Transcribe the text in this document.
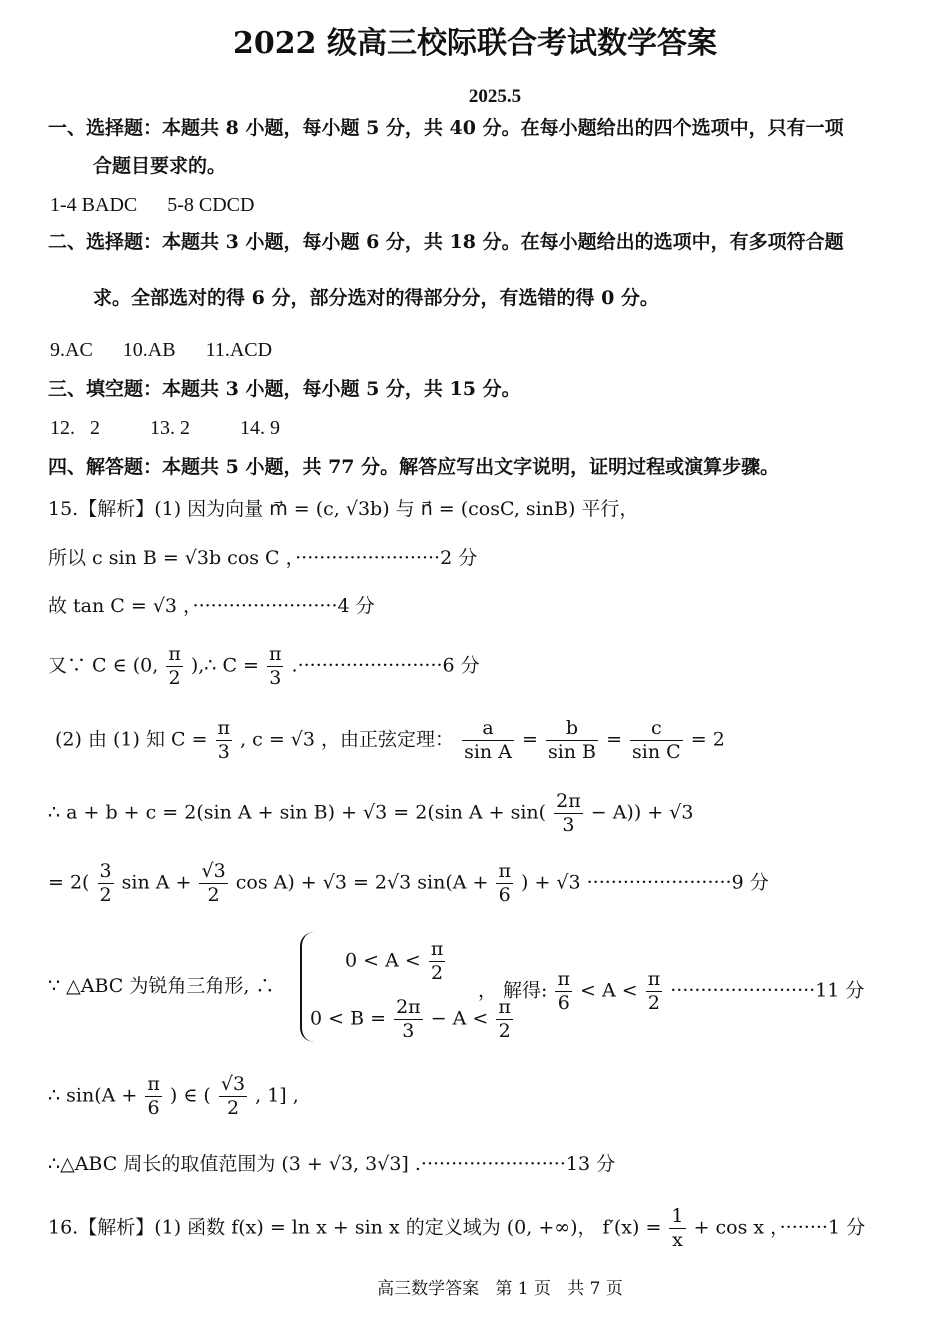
2022 级高三校际联合考试数学答案
2025.5
一、选择题：本题共 8 小题，每小题 5 分，共 40 分。在每小题给出的四个选项中，只有一项
合题目要求的。
1-4 BADC      5-8 CDCD
二、选择题：本题共 3 小题，每小题 6 分，共 18 分。在每小题给出的选项中，有多项符合题
求。全部选对的得 6 分，部分选对的得部分分，有选错的得 0 分。
9.AC      10.AB      11.ACD
三、填空题：本题共 3 小题，每小题 5 分，共 15 分。
12.   2          13. 2          14. 9
四、解答题：本题共 5 小题，共 77 分。解答应写出文字说明，证明过程或演算步骤。
15.【解析】(1) 因为向量 m⃗ = (c, √3b) 与 n⃗ = (cosC, sinB) 平行，
所以 c sin B = √3b cos C ，························2 分
故 tan C = √3 ，························4 分
又∵ C ∈ (0, $\frac{\pi}{2}$ ),∴ $C = \frac{\pi}{3} .\cdot\cdot\cdot\cdot\cdot\cdot\cdot\cdot\cdot\cdot\cdot\cdot\cdot\cdot\cdot\cdot\cdot\cdot\cdot\cdot\cdot\cdot\cdot\cdot 6$ 分
(2) 由 (1) 知 $C = \frac{\pi}{3}$ , c = √3 ，由正弦定理： $\frac{a}{\text{sin A}} = \frac{b}{\text{sin B}} = \frac{c}{\text{sin C}} = 2$
∴ a + b + c = 2(sin A + sin B) + √3 = 2(sin $A + \sin( \frac{2\pi}{3} - A)) + √3$
= $2( \frac{3}{2}$ $\sin A + \frac{√3}{2}$ cos A) + √3 = 2√3 $\sin(A + \frac{\pi}{6}$ ) + √3 ························9 分
∵ △ABC 为锐角三角形, ∴
$0 < A < \frac{\pi}{2}$
$0 < B = \frac{2\pi}{3} - A < \frac{\pi}{2}$
， 解得: $\frac{\pi}{6} < A < \frac{\pi}{2} \cdot\cdot\cdot\cdot\cdot\cdot\cdot\cdot\cdot\cdot\cdot\cdot\cdot\cdot\cdot\cdot\cdot\cdot\cdot\cdot\cdot\cdot\cdot\cdot 11$ 分
∴ $\sin(A + \frac{\pi}{6}$ ) ∈ ( $\frac{√3}{2}$ , 1] ,
∴△ABC 周长的取值范围为 (3 + √3, 3√3] .························13 分
16.【解析】(1) 函数 f(x) = ln x + sin x 的定义域为 (0, +∞)， $f'(x) = \frac{1}{x} + \cos x$ ，········1 分
高三数学答案   第 1 页   共 7 页
